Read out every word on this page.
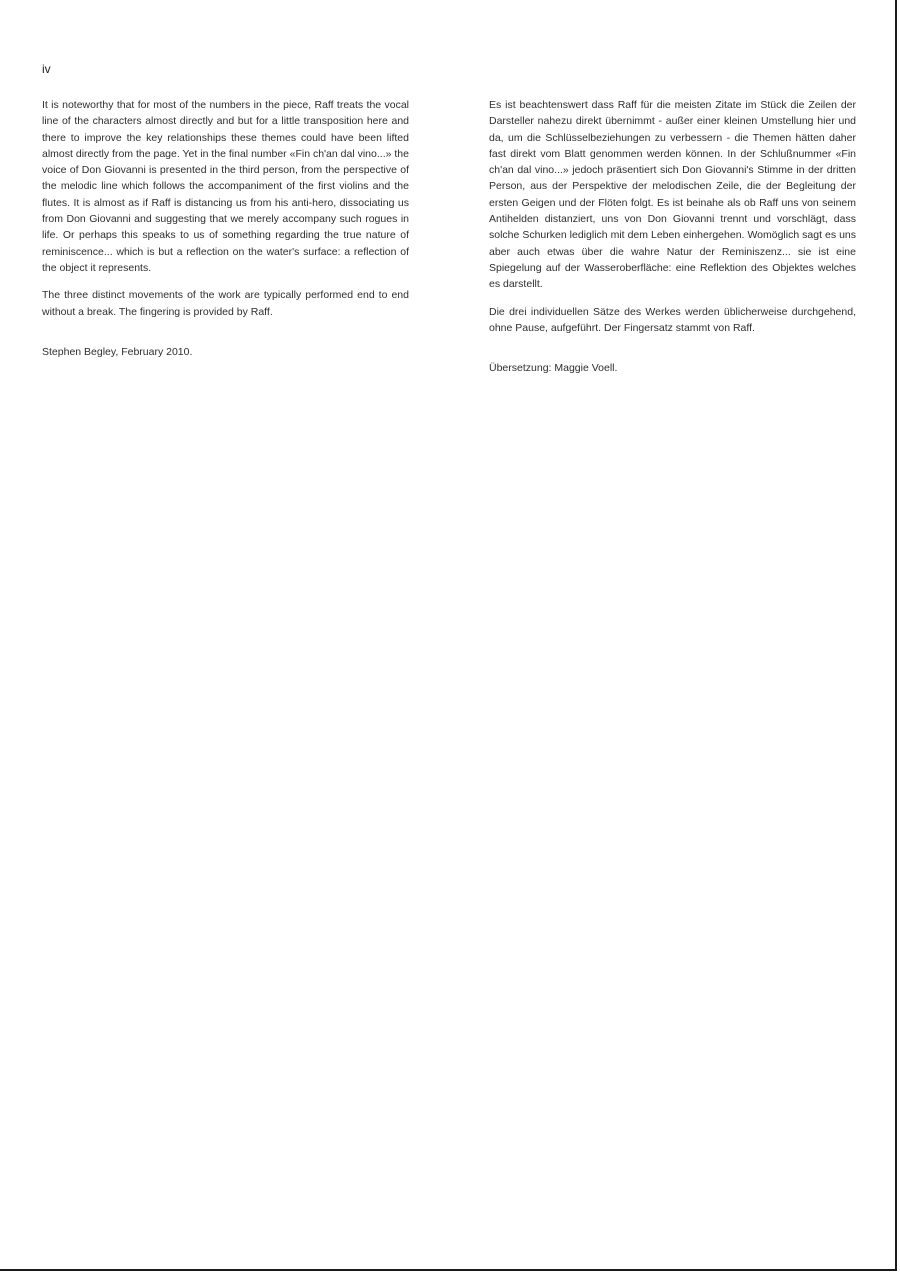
iv

It is noteworthy that for most of the numbers in the piece, Raff treats the vocal line of the characters almost directly and but for a little transposition here and there to improve the key relationships these themes could have been lifted almost directly from the page. Yet in the final number «Fin ch'an dal vino...» the voice of Don Giovanni is presented in the third person, from the perspective of the melodic line which follows the accompaniment of the first violins and the flutes. It is almost as if Raff is distancing us from his anti-hero, dissociating us from Don Giovanni and suggesting that we merely accompany such rogues in life. Or perhaps this speaks to us of something regarding the true nature of reminiscence... which is but a reflection on the water's surface: a reflection of the object it represents.

The three distinct movements of the work are typically performed end to end without a break. The fingering is provided by Raff.

Stephen Begley, February 2010.

Es ist beachtenswert dass Raff für die meisten Zitate im Stück die Zeilen der Darsteller nahezu direkt übernimmt - außer einer kleinen Umstellung hier und da, um die Schlüsselbeziehungen zu verbessern - die Themen hätten daher fast direkt vom Blatt genommen werden können. In der Schlußnummer «Fin ch'an dal vino...» jedoch präsentiert sich Don Giovanni's Stimme in der dritten Person, aus der Perspektive der melodischen Zeile, die der Begleitung der ersten Geigen und der Flöten folgt. Es ist beinahe als ob Raff uns von seinem Antihelden distanziert, uns von Don Giovanni trennt und vorschlägt, dass solche Schurken lediglich mit dem Leben einhergehen. Womöglich sagt es uns aber auch etwas über die wahre Natur der Reminiszenz... sie ist eine Spiegelung auf der Wasseroberfläche: eine Reflektion des Objektes welches es darstellt.

Die drei individuellen Sätze des Werkes werden üblicherweise durchgehend, ohne Pause, aufgeführt. Der Fingersatz stammt von Raff.

Übersetzung: Maggie Voell.
